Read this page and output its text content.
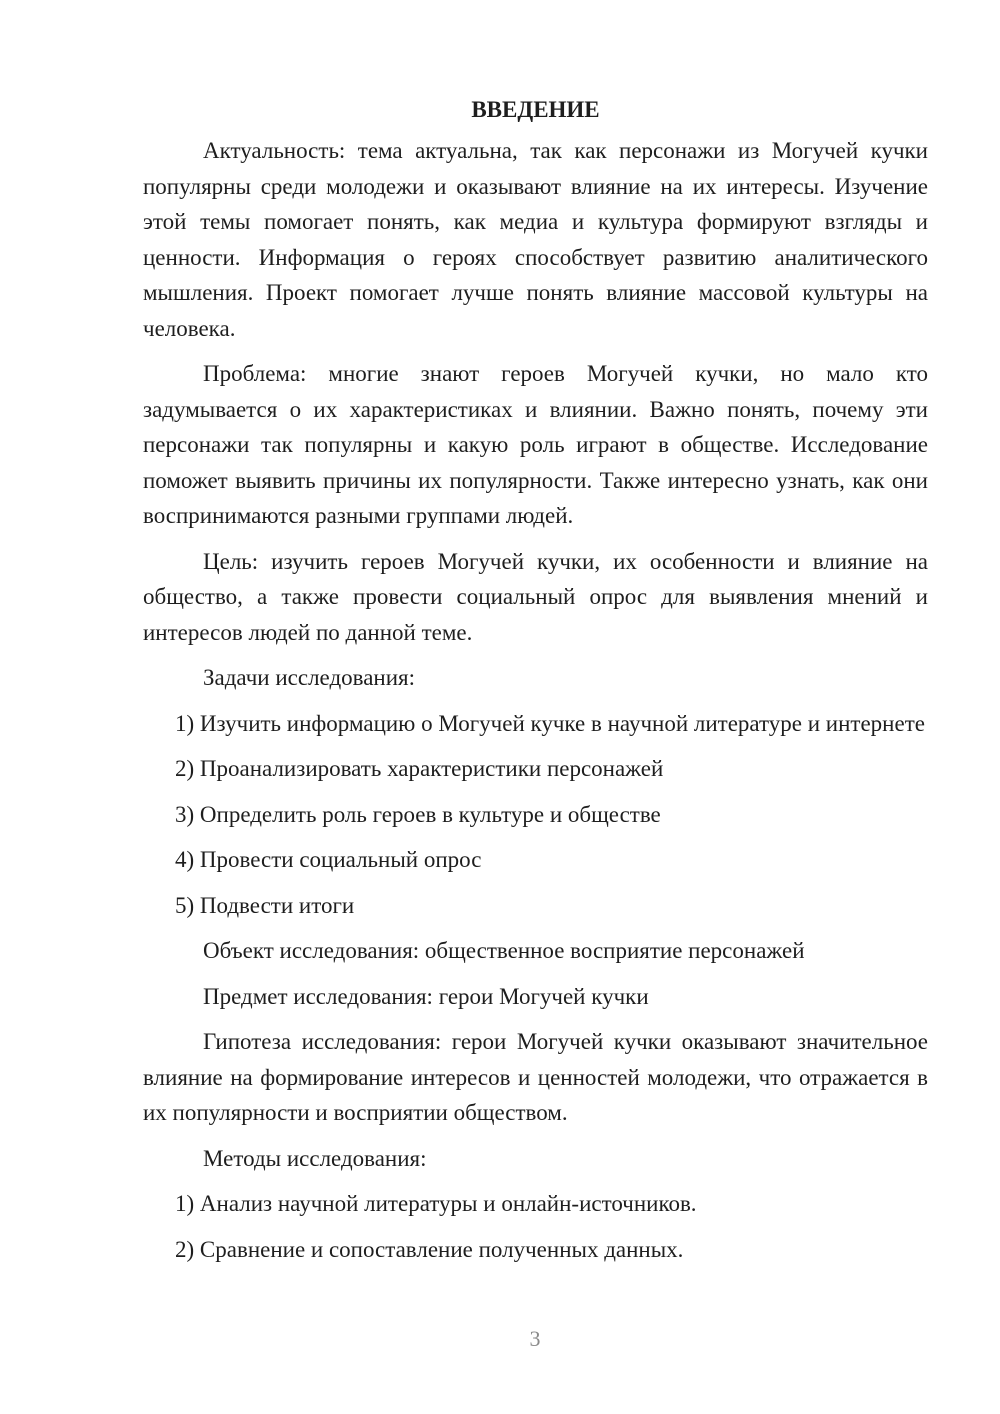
ВВЕДЕНИЕ

Актуальность: тема актуальна, так как персонажи из Могучей кучки популярны среди молодежи и оказывают влияние на их интересы. Изучение этой темы помогает понять, как медиа и культура формируют взгляды и ценности. Информация о героях способствует развитию аналитического мышления. Проект помогает лучше понять влияние массовой культуры на человека.

Проблема: многие знают героев Могучей кучки, но мало кто задумывается о их характеристиках и влиянии. Важно понять, почему эти персонажи так популярны и какую роль играют в обществе. Исследование поможет выявить причины их популярности. Также интересно узнать, как они воспринимаются разными группами людей.

Цель: изучить героев Могучей кучки, их особенности и влияние на общество, а также провести социальный опрос для выявления мнений и интересов людей по данной теме.

Задачи исследования:

1) Изучить информацию о Могучей кучке в научной литературе и интернете

2) Проанализировать характеристики персонажей

3) Определить роль героев в культуре и обществе

4) Провести социальный опрос

5) Подвести итоги

Объект исследования: общественное восприятие персонажей

Предмет исследования: герои Могучей кучки

Гипотеза исследования: герои Могучей кучки оказывают значительное влияние на формирование интересов и ценностей молодежи, что отражается в их популярности и восприятии обществом.

Методы исследования:

1) Анализ научной литературы и онлайн-источников.

2) Сравнение и сопоставление полученных данных.

3
